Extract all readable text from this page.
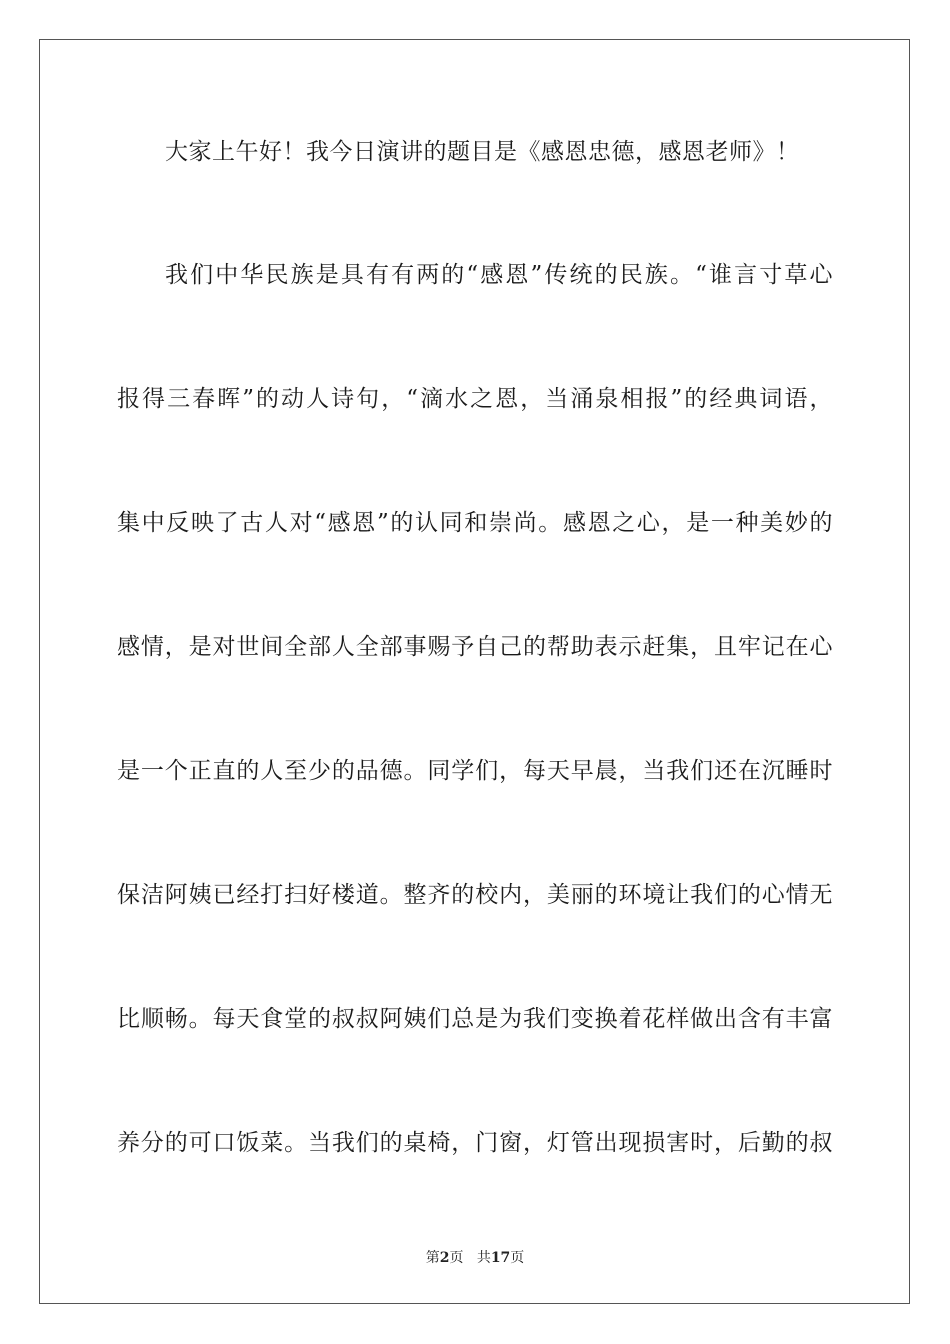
大家上午好！我今日演讲的题目是《感恩忠德，感恩老师》！
我们中华民族是具有有两的“感恩”传统的民族。“谁言寸草心
报得三春晖”的动人诗句，“滴水之恩，当涌泉相报”的经典词语，
集中反映了古人对“感恩”的认同和崇尚。感恩之心，是一种美妙的
感情，是对世间全部人全部事赐予自己的帮助表示赶集，且牢记在心
是一个正直的人至少的品德。同学们，每天早晨，当我们还在沉睡时
保洁阿姨已经打扫好楼道。整齐的校内，美丽的环境让我们的心情无
比顺畅。每天食堂的叔叔阿姨们总是为我们变换着花样做出含有丰富
养分的可口饭菜。当我们的桌椅，门窗，灯管出现损害时，后勤的叔
第2页 共17页
